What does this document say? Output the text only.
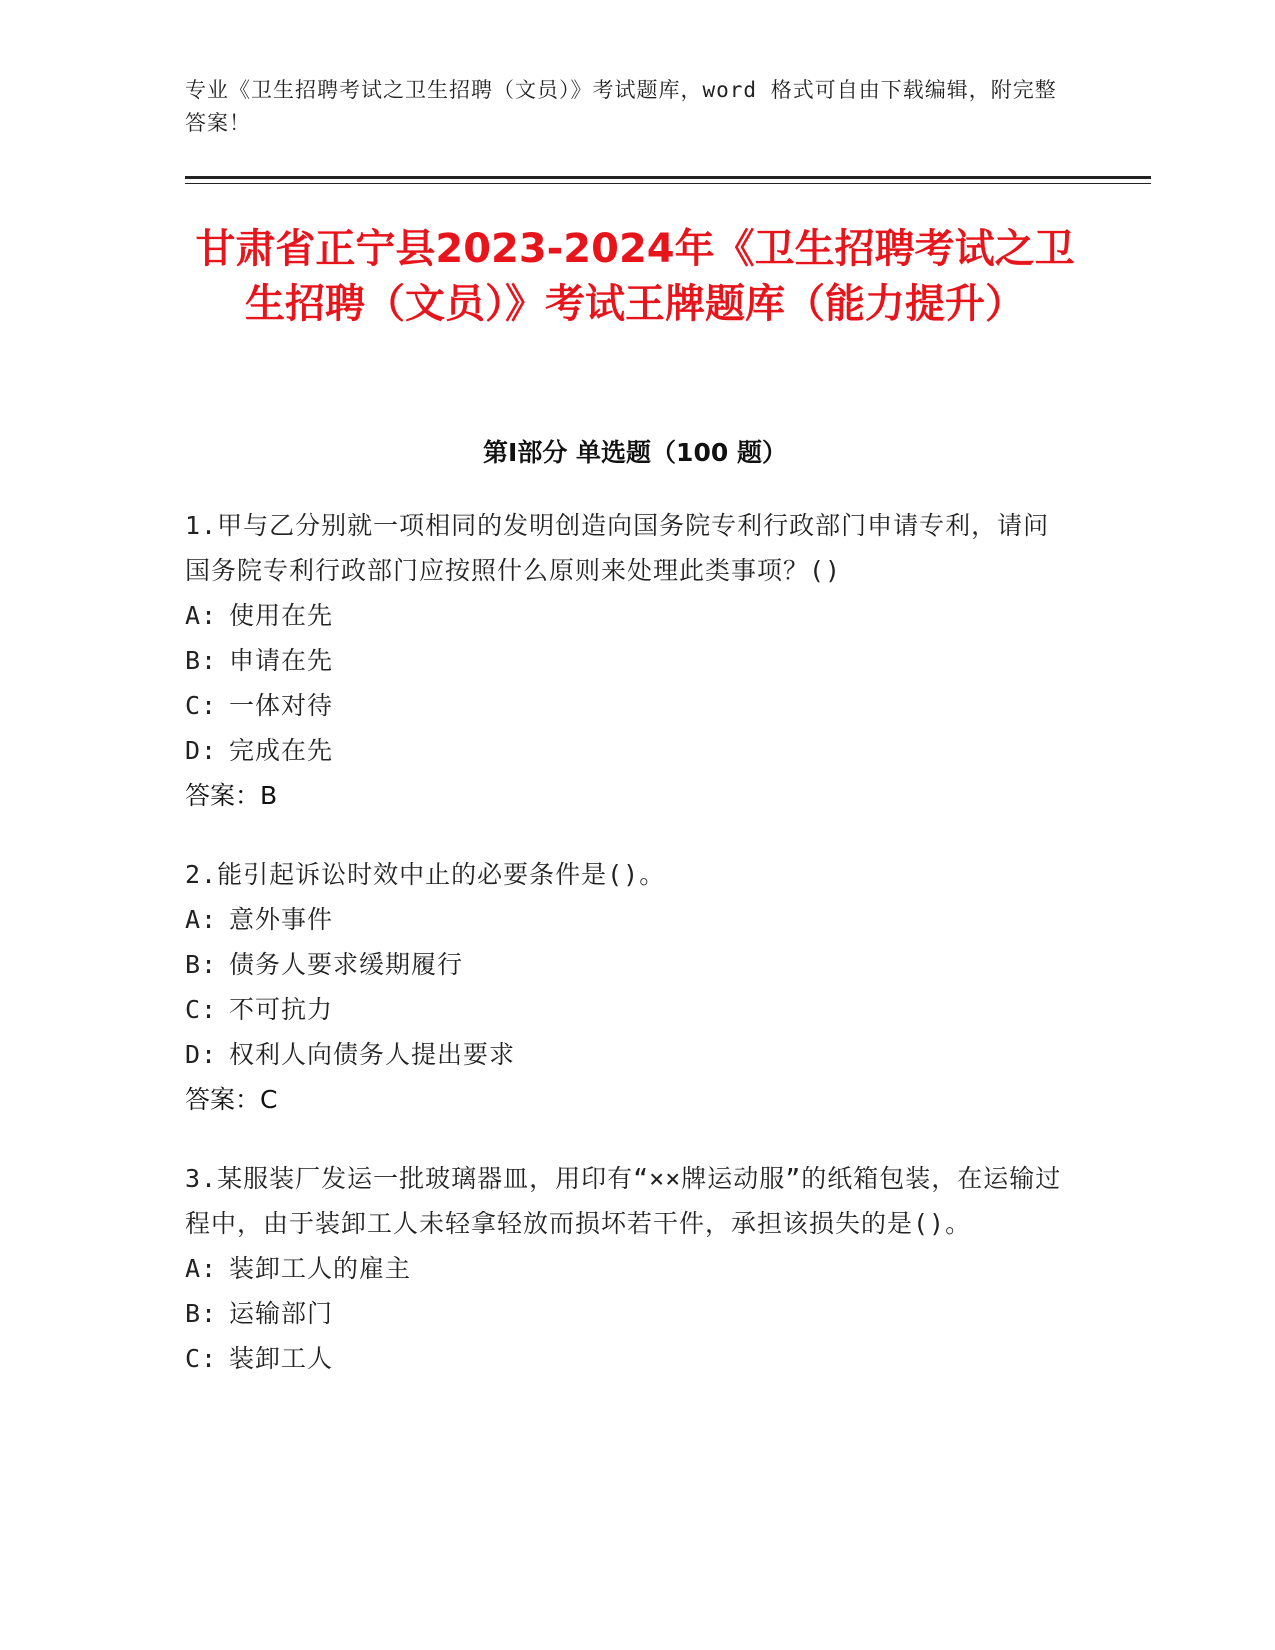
专业《卫生招聘考试之卫生招聘（文员）》考试题库，word 格式可自由下载编辑，附完整答案！
甘肃省正宁县2023-2024年《卫生招聘考试之卫生招聘（文员）》考试王牌题库（能力提升）
第Ⅰ部分 单选题（100 题）
1.甲与乙分别就一项相同的发明创造向国务院专利行政部门申请专利，请问国务院专利行政部门应按照什么原则来处理此类事项？()
A: 使用在先
B: 申请在先
C: 一体对待
D: 完成在先
答案：B
2.能引起诉讼时效中止的必要条件是()。
A: 意外事件
B: 债务人要求缓期履行
C: 不可抗力
D: 权利人向债务人提出要求
答案：C
3.某服装厂发运一批玻璃器皿，用印有“××牌运动服”的纸箱包装，在运输过程中，由于装卸工人未轻拿轻放而损坏若干件，承担该损失的是()。
A: 装卸工人的雇主
B: 运输部门
C: 装卸工人
